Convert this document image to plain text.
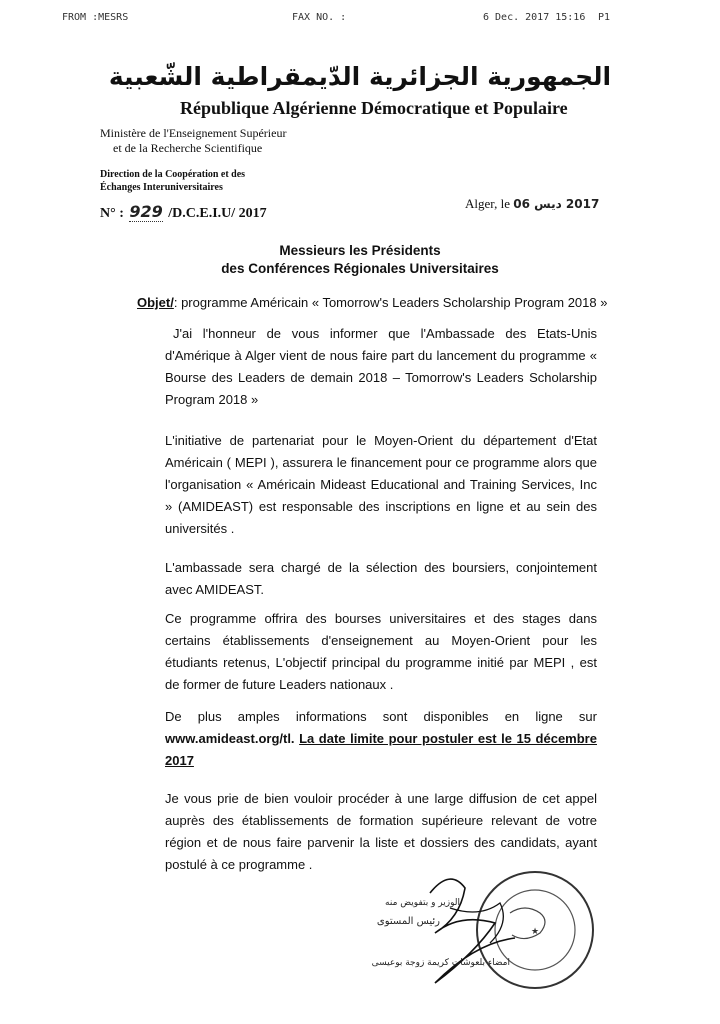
FROM :MESRS	FAX NO. :	6 Dec. 2017 15:16 P1
الجمهورية الجزائرية الدّيمقراطية الشّعبية
République Algérienne Démocratique et Populaire
Ministère de l'Enseignement Supérieur
et de la Recherche Scientifique
Direction de la Coopération et des
Échanges Interuniversitaires
N° : 929 /D.C.E.I.U/ 2017
Alger, le 2017 دیس 06
Messieurs les Présidents
des Conférences Régionales Universitaires
Objet/: programme Américain « Tomorrow's Leaders Scholarship Program 2018 »
J'ai l'honneur de vous informer que l'Ambassade des Etats-Unis d'Amérique à Alger vient de nous faire part du lancement du programme « Bourse des Leaders de demain 2018 – Tomorrow's Leaders Scholarship Program 2018 »
L'initiative de partenariat pour le Moyen-Orient du département d'Etat Américain ( MEPI ), assurera le financement pour ce programme alors que l'organisation « Américain Mideast Educational and Training Services, Inc » (AMIDEAST) est responsable des inscriptions en ligne et au sein des universités .
L'ambassade sera chargé de la sélection des boursiers, conjointement avec AMIDEAST.
Ce programme offrira des bourses universitaires et des stages dans certains établissements d'enseignement au Moyen-Orient pour les étudiants retenus, L'objectif principal du programme initié par MEPI , est de former de future Leaders nationaux .
De plus amples informations sont disponibles en ligne sur www.amideast.org/tl. La date limite pour postuler est le 15 décembre 2017
Je vous prie de bien vouloir procéder à une large diffusion de cet appel auprès des établissements de formation supérieure relevant de votre région et de nous faire parvenir la liste et dossiers des candidats, ayant postulé à ce programme .
★
الوزير و بتفويض منه
رئيس المستوى
امضاء بلعوشات كريمة زوجة بوعيسى
